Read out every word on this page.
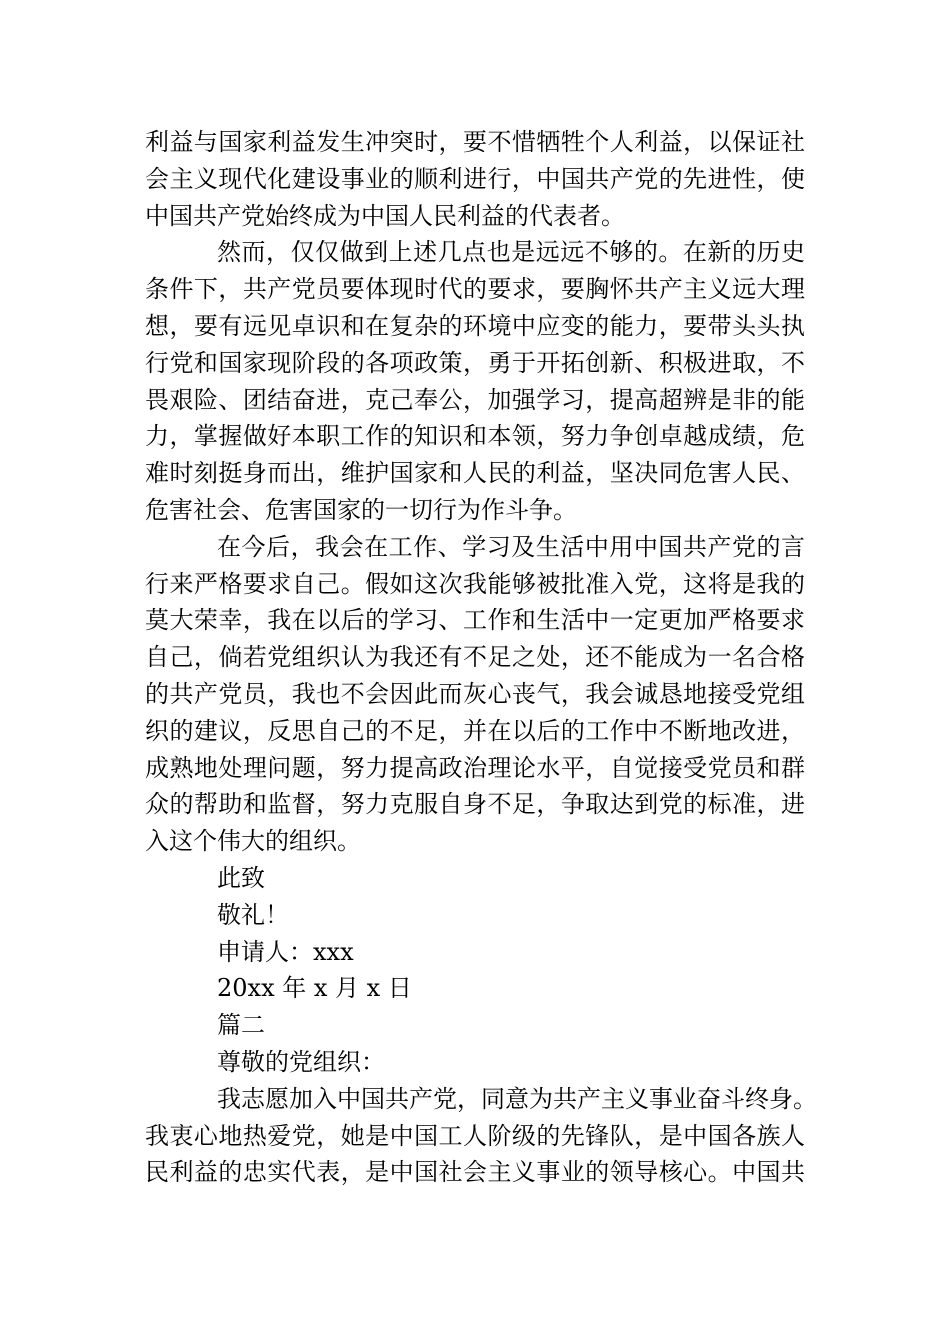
利益与国家利益发生冲突时，要不惜牺牲个人利益，以保证社
会主义现代化建设事业的顺利进行，中国共产党的先进性，使
中国共产党始终成为中国人民利益的代表者。
然而，仅仅做到上述几点也是远远不够的。在新的历史
条件下，共产党员要体现时代的要求，要胸怀共产主义远大理
想，要有远见卓识和在复杂的环境中应变的能力，要带头头执
行党和国家现阶段的各项政策，勇于开拓创新、积极进取，不
畏艰险、团结奋进，克己奉公，加强学习，提高超辨是非的能
力，掌握做好本职工作的知识和本领，努力争创卓越成绩，危
难时刻挺身而出，维护国家和人民的利益，坚决同危害人民、
危害社会、危害国家的一切行为作斗争。
在今后，我会在工作、学习及生活中用中国共产党的言
行来严格要求自己。假如这次我能够被批准入党，这将是我的
莫大荣幸，我在以后的学习、工作和生活中一定更加严格要求
自己，倘若党组织认为我还有不足之处，还不能成为一名合格
的共产党员，我也不会因此而灰心丧气，我会诚恳地接受党组
织的建议，反思自己的不足，并在以后的工作中不断地改进，
成熟地处理问题，努力提高政治理论水平，自觉接受党员和群
众的帮助和监督，努力克服自身不足，争取达到党的标准，进
入这个伟大的组织。
此致
敬礼！
申请人：xxx
20xx 年 x 月 x 日
篇二
尊敬的党组织：
我志愿加入中国共产党，同意为共产主义事业奋斗终身。
我衷心地热爱党，她是中国工人阶级的先锋队，是中国各族人
民利益的忠实代表，是中国社会主义事业的领导核心。中国共
